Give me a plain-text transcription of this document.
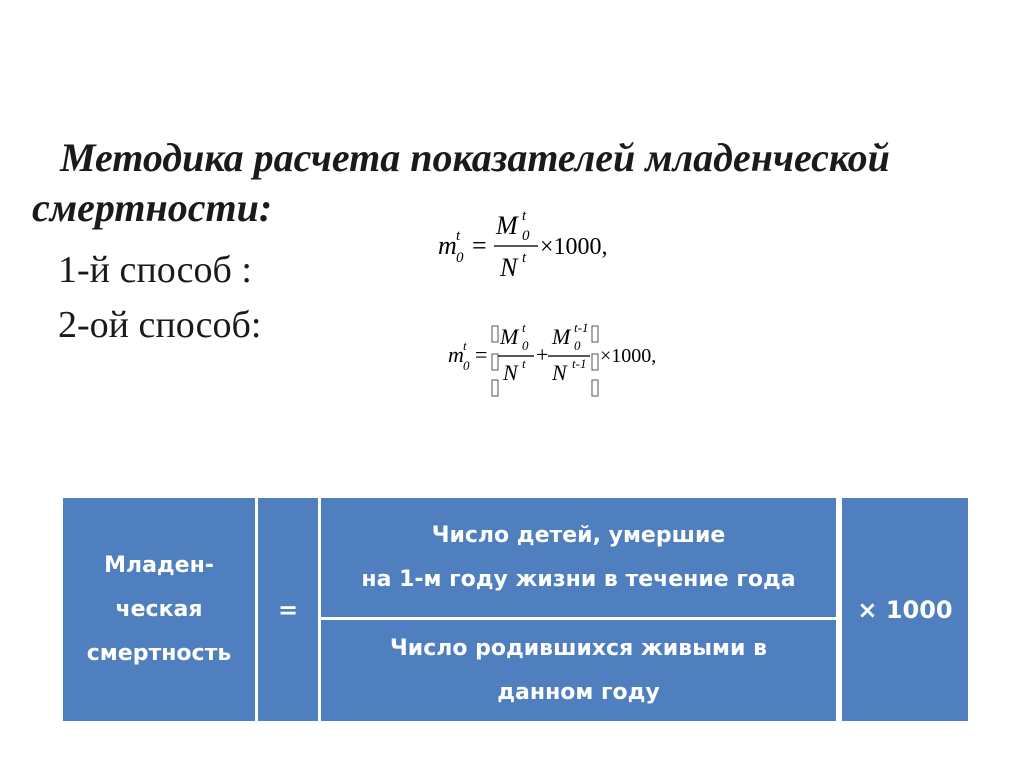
Методика расчета показателей младенческой смертности:
1-й способ :
2-ой способ:
m t
0 =
M t
0
N t ×1000,
m t
0 =
M t
0
N t +
M t-1
0
N t-1 ×1000,
Младен-
ческая
смертность
=
Число детей, умершие
на 1-м году жизни в течение года
Число родившихся живыми в
данном году
× 1000
